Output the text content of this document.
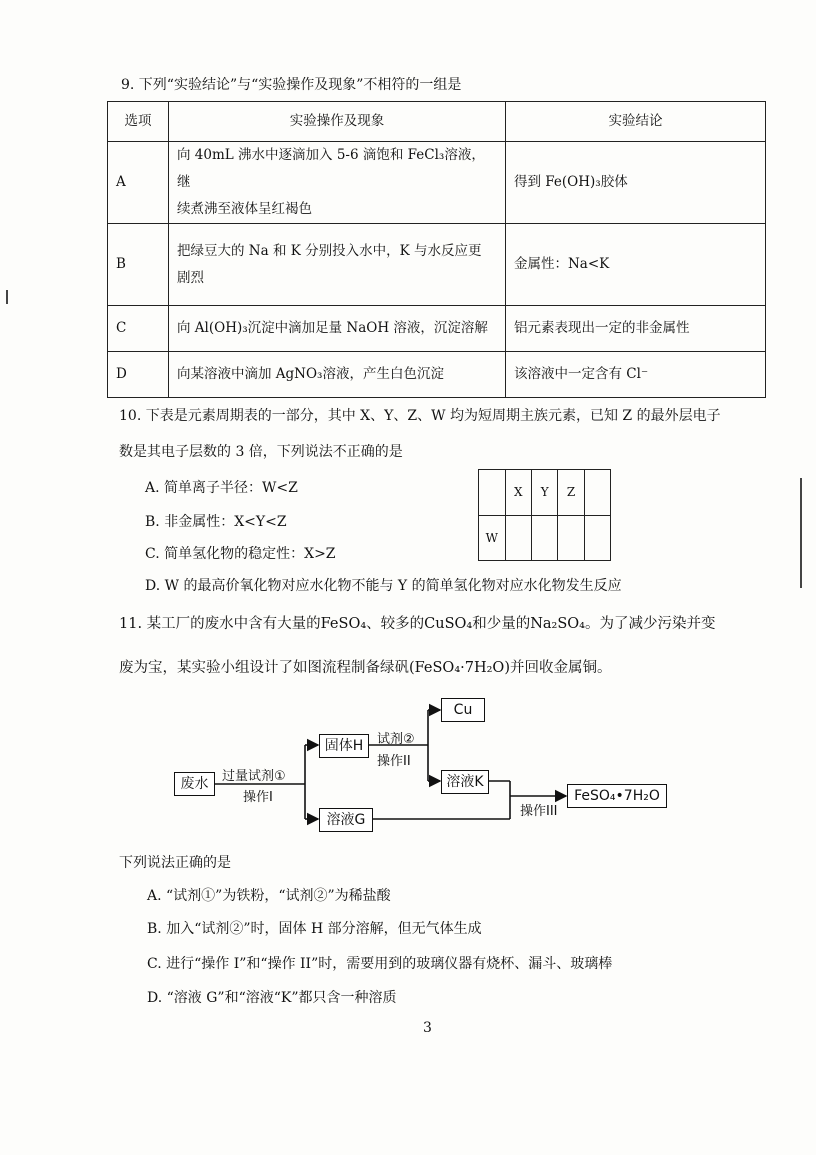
9. 下列“实验结论”与“实验操作及现象”不相符的一组是
选项	实验操作及现象	实验结论
A	向 40mL 沸水中逐滴加入 5-6 滴饱和 FeCl₃溶液，继
续煮沸至液体呈红褐色	得到 Fe(OH)₃胶体
B	把绿豆大的 Na 和 K 分别投入水中，K 与水反应更
剧烈	金属性：Na<K
C	向 Al(OH)₃沉淀中滴加足量 NaOH 溶液，沉淀溶解	铝元素表现出一定的非金属性
D	向某溶液中滴加 AgNO₃溶液，产生白色沉淀	该溶液中一定含有 Cl⁻
10. 下表是元素周期表的一部分，其中 X、Y、Z、W 均为短周期主族元素，已知 Z 的最外层电子
数是其电子层数的 3 倍，下列说法不正确的是
A. 简单离子半径：W<Z
B. 非金属性：X<Y<Z
C. 简单氢化物的稳定性：X>Z
D. W 的最高价氧化物对应水化物不能与 Y 的简单氢化物对应水化物发生反应
	X	Y	Z	
W				
11. 某工厂的废水中含有大量的FeSO₄、较多的CuSO₄和少量的Na₂SO₄。为了减少污染并变
废为宝，某实验小组设计了如图流程制备绿矾(FeSO₄·7H₂O)并回收金属铜。
废水	过量试剂①
操作I
固体H	试剂②
操作II
Cu
溶液K
溶液G
操作III
FeSO₄•7H₂O
下列说法正确的是
A. “试剂①”为铁粉，“试剂②”为稀盐酸
B. 加入“试剂②”时，固体 H 部分溶解，但无气体生成
C. 进行“操作 I”和“操作 II”时，需要用到的玻璃仪器有烧杯、漏斗、玻璃棒
D. “溶液 G”和“溶液“K”都只含一种溶质
3
